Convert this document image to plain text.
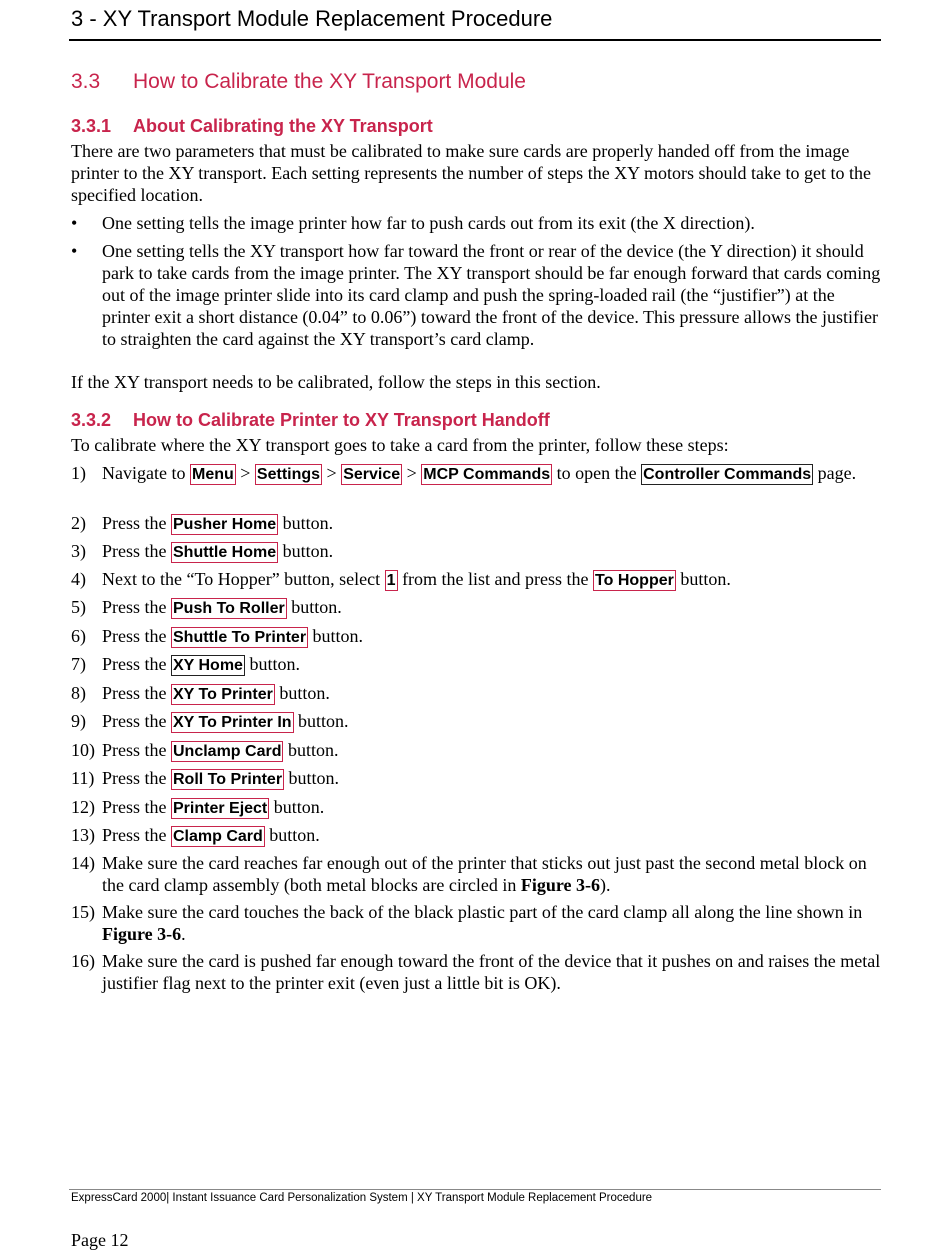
3 - XY Transport Module Replacement Procedure
3.3 How to Calibrate the XY Transport Module
3.3.1 About Calibrating the XY Transport
There are two parameters that must be calibrated to make sure cards are properly handed off from the image printer to the XY transport. Each setting represents the number of steps the XY motors should take to get to the specified location.
• One setting tells the image printer how far to push cards out from its exit (the X direction).
• One setting tells the XY transport how far toward the front or rear of the device (the Y direction) it should park to take cards from the image printer. The XY transport should be far enough forward that cards coming out of the image printer slide into its card clamp and push the spring-loaded rail (the “justifier”) at the printer exit a short distance (0.04” to 0.06”) toward the front of the device. This pressure allows the justifier to straighten the card against the XY transport’s card clamp.
If the XY transport needs to be calibrated, follow the steps in this section.
3.3.2 How to Calibrate Printer to XY Transport Handoff
To calibrate where the XY transport goes to take a card from the printer, follow these steps:
1) Navigate to Menu > Settings > Service > MCP Commands to open the Controller Commands page.
2) Press the Pusher Home button.
3) Press the Shuttle Home button.
4) Next to the “To Hopper” button, select 1 from the list and press the To Hopper button.
5) Press the Push To Roller button.
6) Press the Shuttle To Printer button.
7) Press the XY Home button.
8) Press the XY To Printer button.
9) Press the XY To Printer In button.
10) Press the Unclamp Card button.
11) Press the Roll To Printer button.
12) Press the Printer Eject button.
13) Press the Clamp Card button.
14) Make sure the card reaches far enough out of the printer that sticks out just past the second metal block on the card clamp assembly (both metal blocks are circled in Figure 3-6).
15) Make sure the card touches the back of the black plastic part of the card clamp all along the line shown in Figure 3-6.
16) Make sure the card is pushed far enough toward the front of the device that it pushes on and raises the metal justifier flag next to the printer exit (even just a little bit is OK).
ExpressCard 2000| Instant Issuance Card Personalization System | XY Transport Module Replacement Procedure
Page 12
